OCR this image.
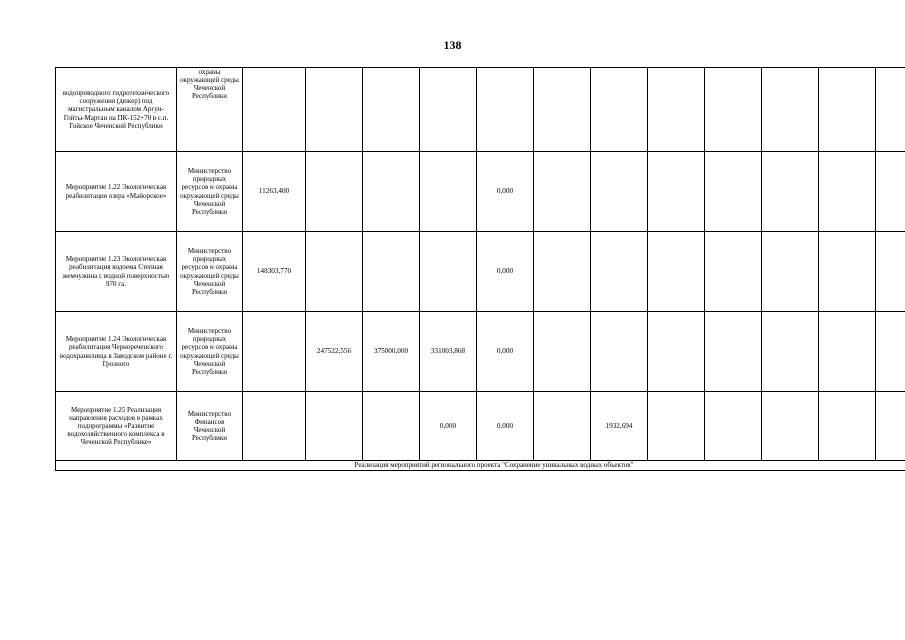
138
водопроводного гидротехнического сооружения (дюкер) под магистральным каналом Аргун-Гойты-Мартан на ПК-152+70 в с.п. Гойское Чеченской Республики	охраны окружающей среды Чеченской Республики												
Мероприятие 1.22 Экологическая реабилитация озера «Майорское»	Министерство природных ресурсов и охраны окружающей среды Чеченской Республики	11263,400				0,000							
Мероприятие 1.23 Экологическая реабилитация водоема Степная жемчужина с водной поверхностью 970 га.	Министерство природных ресурсов и охраны окружающей среды Чеченской Республики	148303,770				0,000							
Мероприятие 1.24 Экологическая реабилитация Чернореченского водохранилища в Заводском районе г. Грозного	Министерство природных ресурсов и охраны окружающей среды Чеченской Республики		247522,556	375000,000	331003,868	0,000							
Мероприятие 1.25 Реализация направления расходов в рамках подпрограммы «Развитие водохозяйственного комплекса в Чеченской Республике»	Министерство Финансов Чеченской Республики				0,000	0,000		1932,694					
Реализация мероприятий регионального проекта "Сохранение уникальных водных объектов"													
